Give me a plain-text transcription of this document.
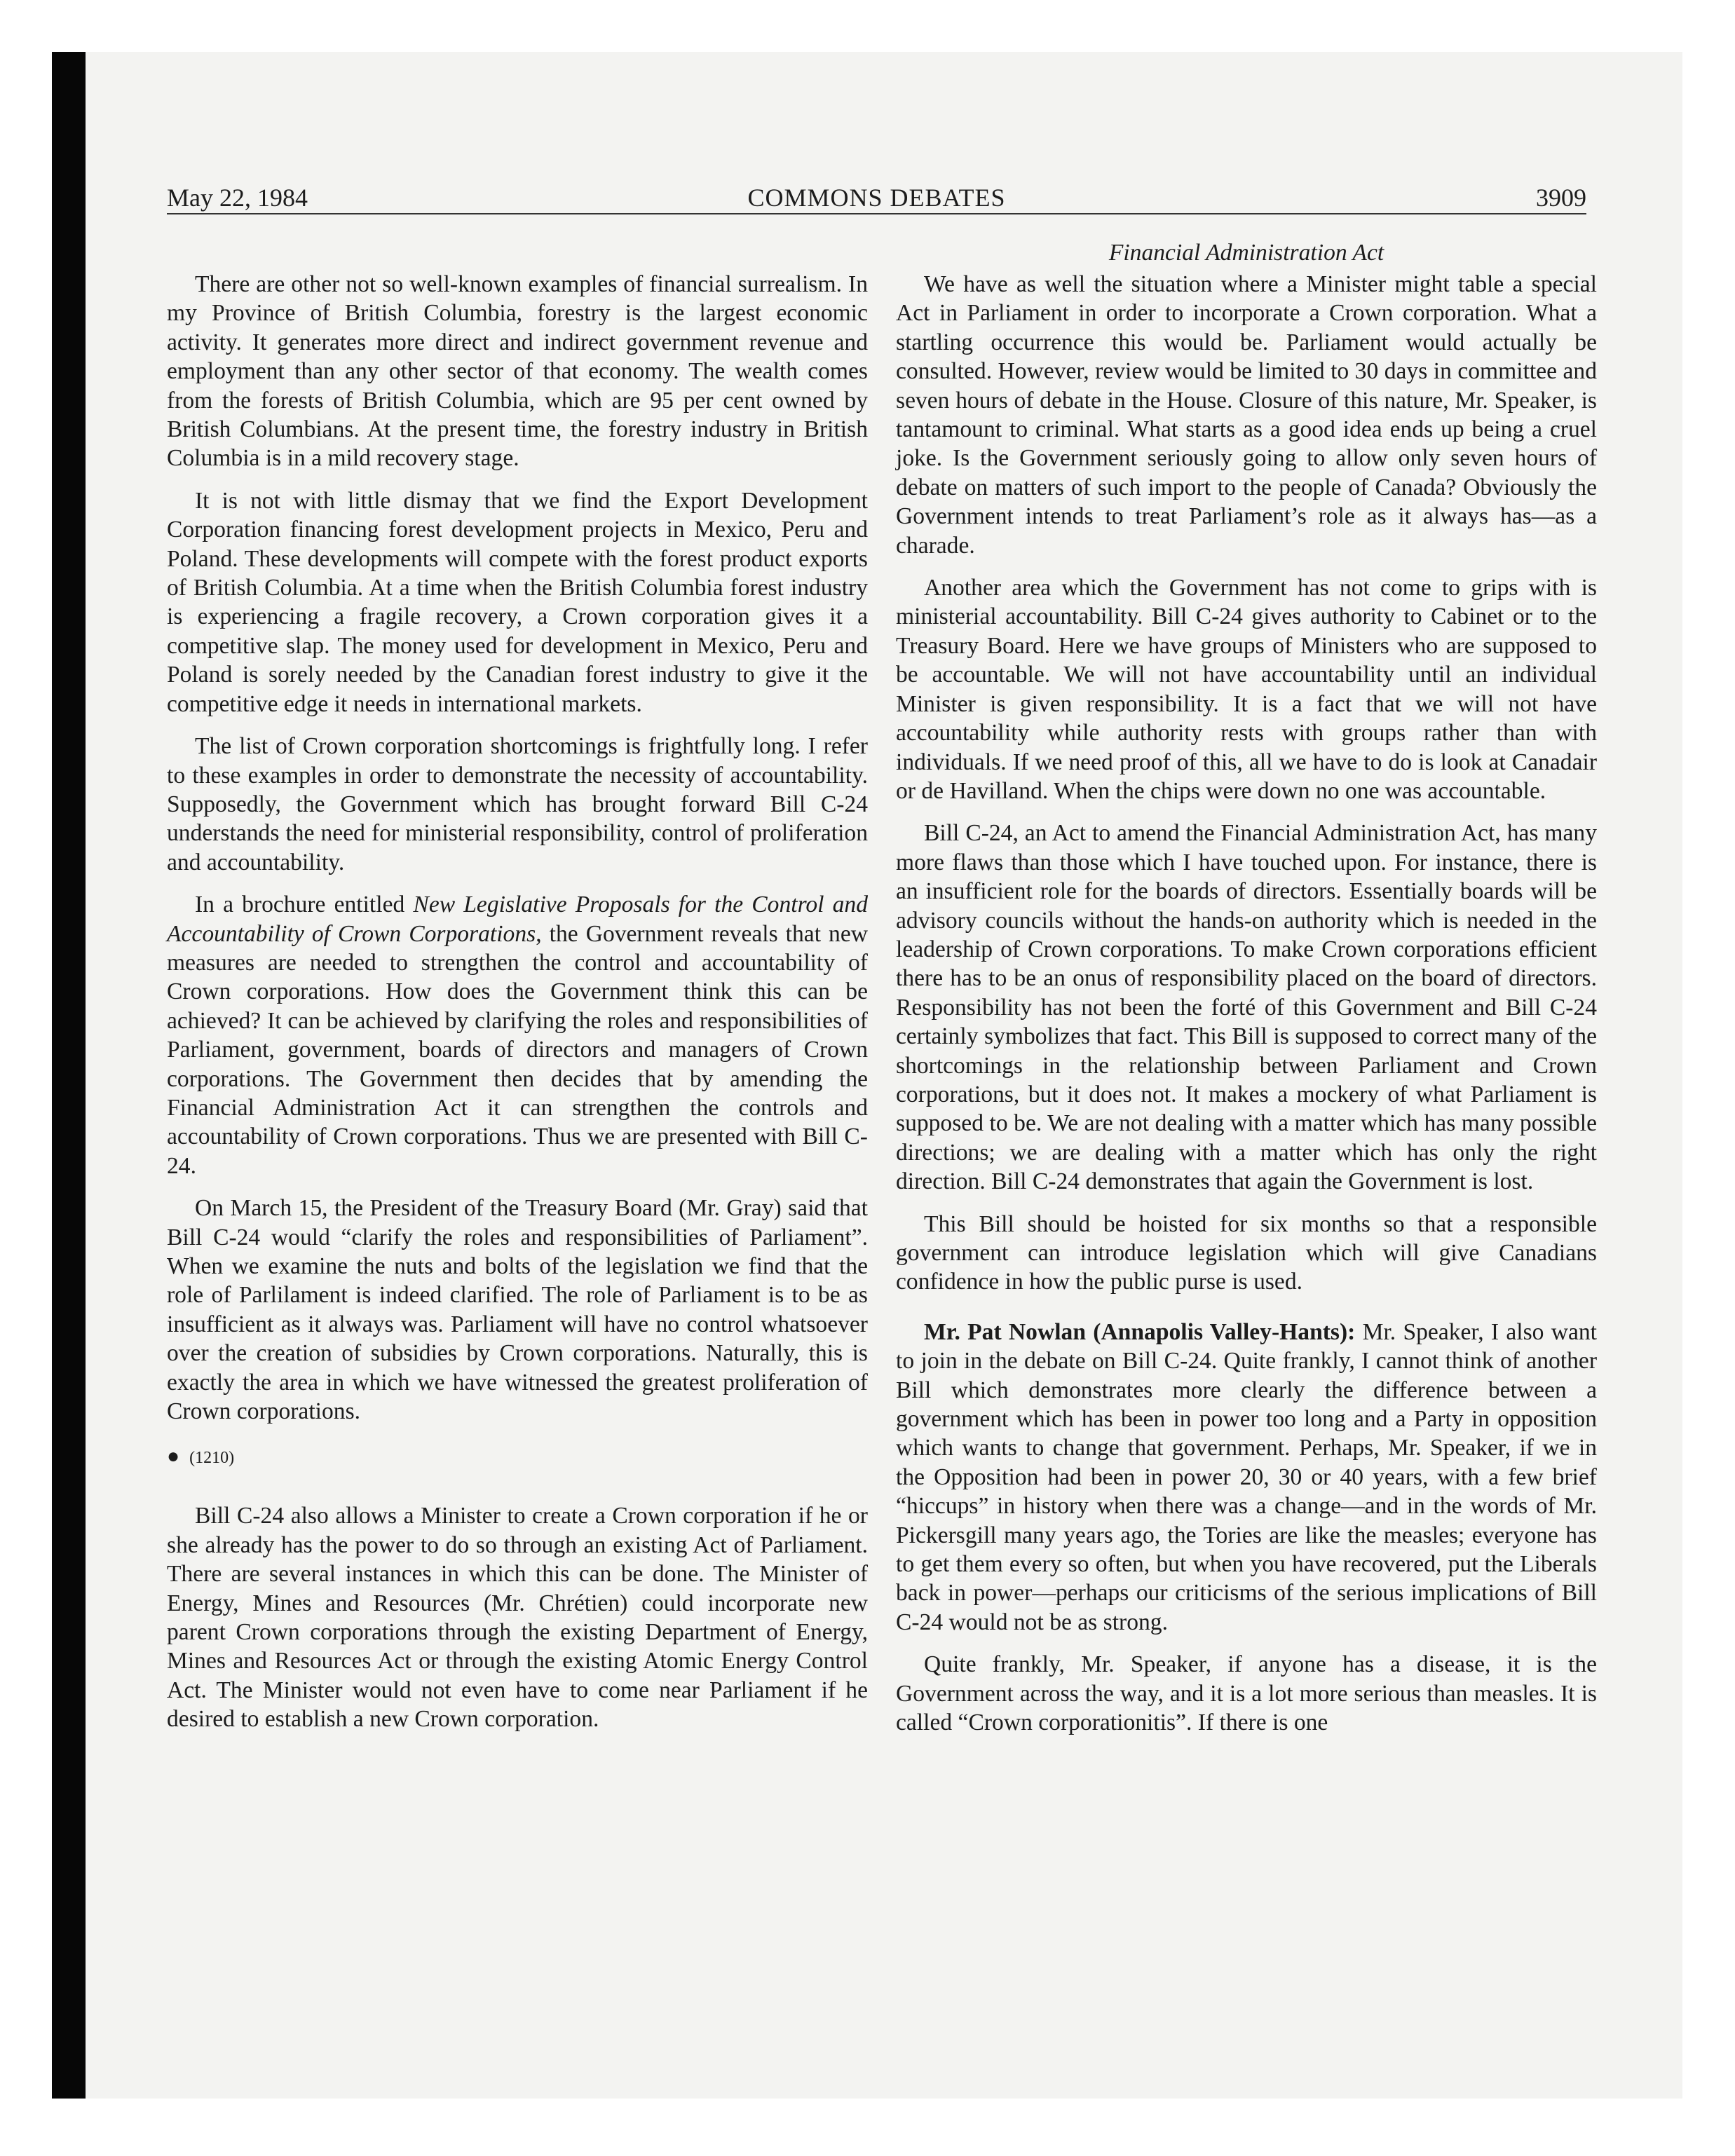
May 22, 1984	COMMONS DEBATES	3909
Financial Administration Act

There are other not so well-known examples of financial surrealism. In my Province of British Columbia, forestry is the largest economic activity. It generates more direct and indirect government revenue and employment than any other sector of that economy. The wealth comes from the forests of British Columbia, which are 95 per cent owned by British Columbians. At the present time, the forestry industry in British Columbia is in a mild recovery stage.

It is not with little dismay that we find the Export Development Corporation financing forest development projects in Mexico, Peru and Poland. These developments will compete with the forest product exports of British Columbia. At a time when the British Columbia forest industry is experiencing a fragile recovery, a Crown corporation gives it a competitive slap. The money used for development in Mexico, Peru and Poland is sorely needed by the Canadian forest industry to give it the competitive edge it needs in international markets.

The list of Crown corporation shortcomings is frightfully long. I refer to these examples in order to demonstrate the necessity of accountability. Supposedly, the Government which has brought forward Bill C-24 understands the need for ministerial responsibility, control of proliferation and accountability.

In a brochure entitled New Legislative Proposals for the Control and Accountability of Crown Corporations, the Government reveals that new measures are needed to strengthen the control and accountability of Crown corporations. How does the Government think this can be achieved? It can be achieved by clarifying the roles and responsibilities of Parliament, government, boards of directors and managers of Crown corporations. The Government then decides that by amending the Financial Administration Act it can strengthen the controls and accountability of Crown corporations. Thus we are presented with Bill C-24.

On March 15, the President of the Treasury Board (Mr. Gray) said that Bill C-24 would “clarify the roles and responsibilities of Parliament”. When we examine the nuts and bolts of the legislation we find that the role of Parlilament is indeed clarified. The role of Parliament is to be as insufficient as it always was. Parliament will have no control whatsoever over the creation of subsidies by Crown corporations. Naturally, this is exactly the area in which we have witnessed the greatest proliferation of Crown corporations.

● (1210)

Bill C-24 also allows a Minister to create a Crown corporation if he or she already has the power to do so through an existing Act of Parliament. There are several instances in which this can be done. The Minister of Energy, Mines and Resources (Mr. Chrétien) could incorporate new parent Crown corporations through the existing Department of Energy, Mines and Resources Act or through the existing Atomic Energy Control Act. The Minister would not even have to come near Parliament if he desired to establish a new Crown corporation.

We have as well the situation where a Minister might table a special Act in Parliament in order to incorporate a Crown corporation. What a startling occurrence this would be. Parliament would actually be consulted. However, review would be limited to 30 days in committee and seven hours of debate in the House. Closure of this nature, Mr. Speaker, is tantamount to criminal. What starts as a good idea ends up being a cruel joke. Is the Government seriously going to allow only seven hours of debate on matters of such import to the people of Canada? Obviously the Government intends to treat Parliament’s role as it always has—as a charade.

Another area which the Government has not come to grips with is ministerial accountability. Bill C-24 gives authority to Cabinet or to the Treasury Board. Here we have groups of Ministers who are supposed to be accountable. We will not have accountability until an individual Minister is given responsibility. It is a fact that we will not have accountability while authority rests with groups rather than with individuals. If we need proof of this, all we have to do is look at Canadair or de Havilland. When the chips were down no one was accountable.

Bill C-24, an Act to amend the Financial Administration Act, has many more flaws than those which I have touched upon. For instance, there is an insufficient role for the boards of directors. Essentially boards will be advisory councils without the hands-on authority which is needed in the leadership of Crown corporations. To make Crown corporations efficient there has to be an onus of responsibility placed on the board of directors. Responsibility has not been the forté of this Government and Bill C-24 certainly symbolizes that fact. This Bill is supposed to correct many of the shortcomings in the relationship between Parliament and Crown corporations, but it does not. It makes a mockery of what Parliament is supposed to be. We are not dealing with a matter which has many possible directions; we are dealing with a matter which has only the right direction. Bill C-24 demonstrates that again the Government is lost.

This Bill should be hoisted for six months so that a responsible government can introduce legislation which will give Canadians confidence in how the public purse is used.

Mr. Pat Nowlan (Annapolis Valley-Hants): Mr. Speaker, I also want to join in the debate on Bill C-24. Quite frankly, I cannot think of another Bill which demonstrates more clearly the difference between a government which has been in power too long and a Party in opposition which wants to change that government. Perhaps, Mr. Speaker, if we in the Opposition had been in power 20, 30 or 40 years, with a few brief “hiccups” in history when there was a change—and in the words of Mr. Pickersgill many years ago, the Tories are like the measles; everyone has to get them every so often, but when you have recovered, put the Liberals back in power—perhaps our criticisms of the serious implications of Bill C-24 would not be as strong.

Quite frankly, Mr. Speaker, if anyone has a disease, it is the Government across the way, and it is a lot more serious than measles. It is called “Crown corporationitis”. If there is one
